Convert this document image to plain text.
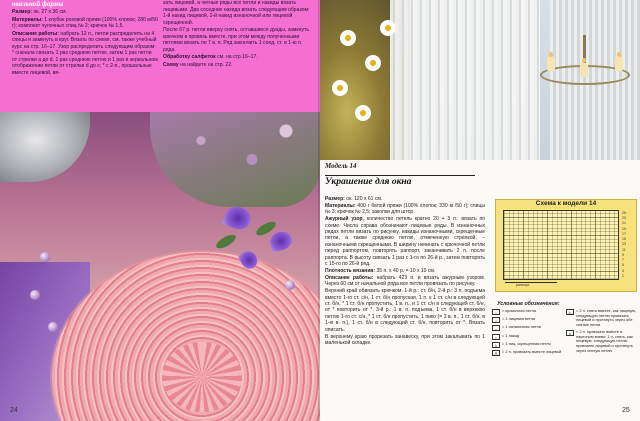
овальной формы

Размер: ок. 27 х 36 см.

Материалы: 1 клубок розовой пряжи (100% хлопок; 280 м/50 г); комплект чулочных спиц № 2; крючок № 1,5.

Описание работы: набрать 12 п., петли распределить на 4 спицы и замкнуть в круг. Вязать по схеме, см. также учебный курс на стр. 16–17. Узор распределить следующим образом: * сначала связать 1 раз среднюю петлю, затем 1 раз петли от стрелки a до d, 1 раз среднюю петлю и 1 раз в зеркальном отображении петли от стрелки d до c; * с 2-п., прошальные вместе лицевой, вя-

зать лицевой, а четные ряды все петли и накиды вязать лицевыми. Два соседних накида вязать следующим образом: 1-й накид лицевой, 2-й накид изнаночной или лицевой скрещенной.

После 67 р. петли вверху снять, оставшиеся дуады, замкнуть крючком в провязь вместе, при этом между полученными петлями вязать по 7 в. п. Ряд закончить 1 соед. ст. в 1-ю п. ряда.

Обработку салфеток см. на стр.16–17.

Схему на найдете на стр. 22.

24
Модель 14
Украшение для окна

Размер: ок. 120 х 61 см.

Материалы: 400 г белой пряжи (100% хлопок; 330 м /50 г); спицы № 3; крючок № 2,5; заколки для штор.

Ажурный узор, количество петель кратно 20 + 3 п.: вязать по схеме. Числа справа обозначают лицевые ряды. В изнаночных рядах петли вязать по рисунку, накиды изнаночными, скрещенные петли, а также среднюю петлю, отмеченную стрелкой, – изнаночными скрещенными. В ширину начинать с крючочной петли перед раппортом, повторять раппорт, заканчивать 2 п. после раппорта. В высоту связать 1 раз с 1-го по 26-й р., затем повторять с 15-го по 26-й ряд.

Плотность вязания: 35 п. х 40 р. = 10 х 10 см.

Описание работы: набрать 423 п. и вязать ажурным узором. Через 60 см от начальной ряда все петли провязать по рисунку.

Верхний край обвязать крючком. 1-й р.: ст. б/н, 2-й р.: 3 п. подъема вместо 1-го ст. с/н, 1 ст. б/н пропуская, 1 п. к 1 ст. с/н в следующей ст. б/н, * 1 ст. б/н пропустить, 1 в. п., и 1 ст. с/н в следующей ст. б/н, от * повторить от *. 3-й р.: 1 в. п. подъема, 1 ст. б/н в верхнюю петлю 1-го ст. с/н, * 1 ст. б/н пропустить, 1 пико (= 3 в. п., 1 ст. б/н. в 1-ю в. п.), 1 ст. б/н в следующий ст. б/н, повторить от *. Вязать описать.

В верхнему краю прорезать занавеску, при этом закалывать по 1 маленькой складке.

Схема к модели 14
25
23
21
19
17
15
13
11
9
7
5
3
1
раппорт
Условные обозначения:
▫	= кромочная петля
|	= 1 лицевая петля
–	= 1 изнаночная петля
○	= 1 накид
λ	= 1 лиц. скрещенная петля
⋀	= 2 п. провязать вместе лицевой
⋋	= 2 п. снять вместе, как лицевую, следующую петлю провязать лицевой и протянуть через обе снятые петли
⋏	= 2 п. провязать вместе в наклоном влево: 1 п. снять, как лицевую, следующую петлю провязать лицевой и протянуть через снятую петлю
25
